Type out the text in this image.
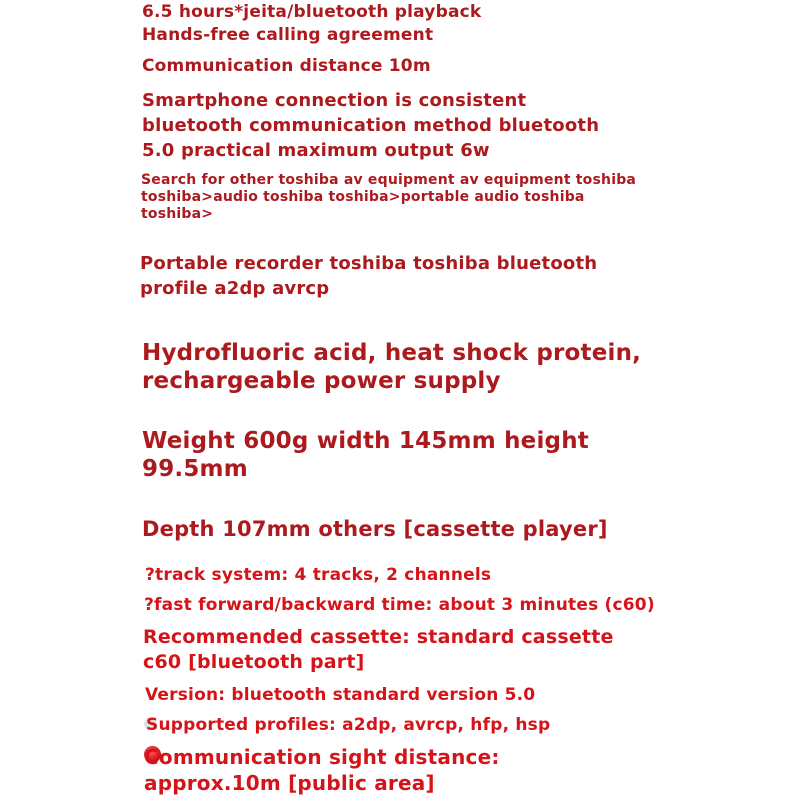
6.5 hours*jeita/bluetooth playback

Hands-free calling agreement

Communication distance 10m

Smartphone connection is consistent
bluetooth communication method bluetooth
5.0 practical maximum output 6w

Search for other toshiba av equipment av equipment toshiba
toshiba>audio toshiba toshiba>portable audio toshiba
toshiba>

Portable recorder toshiba toshiba bluetooth
profile a2dp avrcp

Hydrofluoric acid, heat shock protein,
rechargeable power supply

Weight 600g width 145mm height
99.5mm

Depth 107mm others [cassette player]

?track system: 4 tracks, 2 channels

?fast forward/backward time: about 3 minutes (c60)

Recommended cassette: standard cassette
c60 [bluetooth part]

Version: bluetooth standard version 5.0

Supported profiles: a2dp, avrcp, hfp, hsp

Communication sight distance:
approx.10m [public area]
